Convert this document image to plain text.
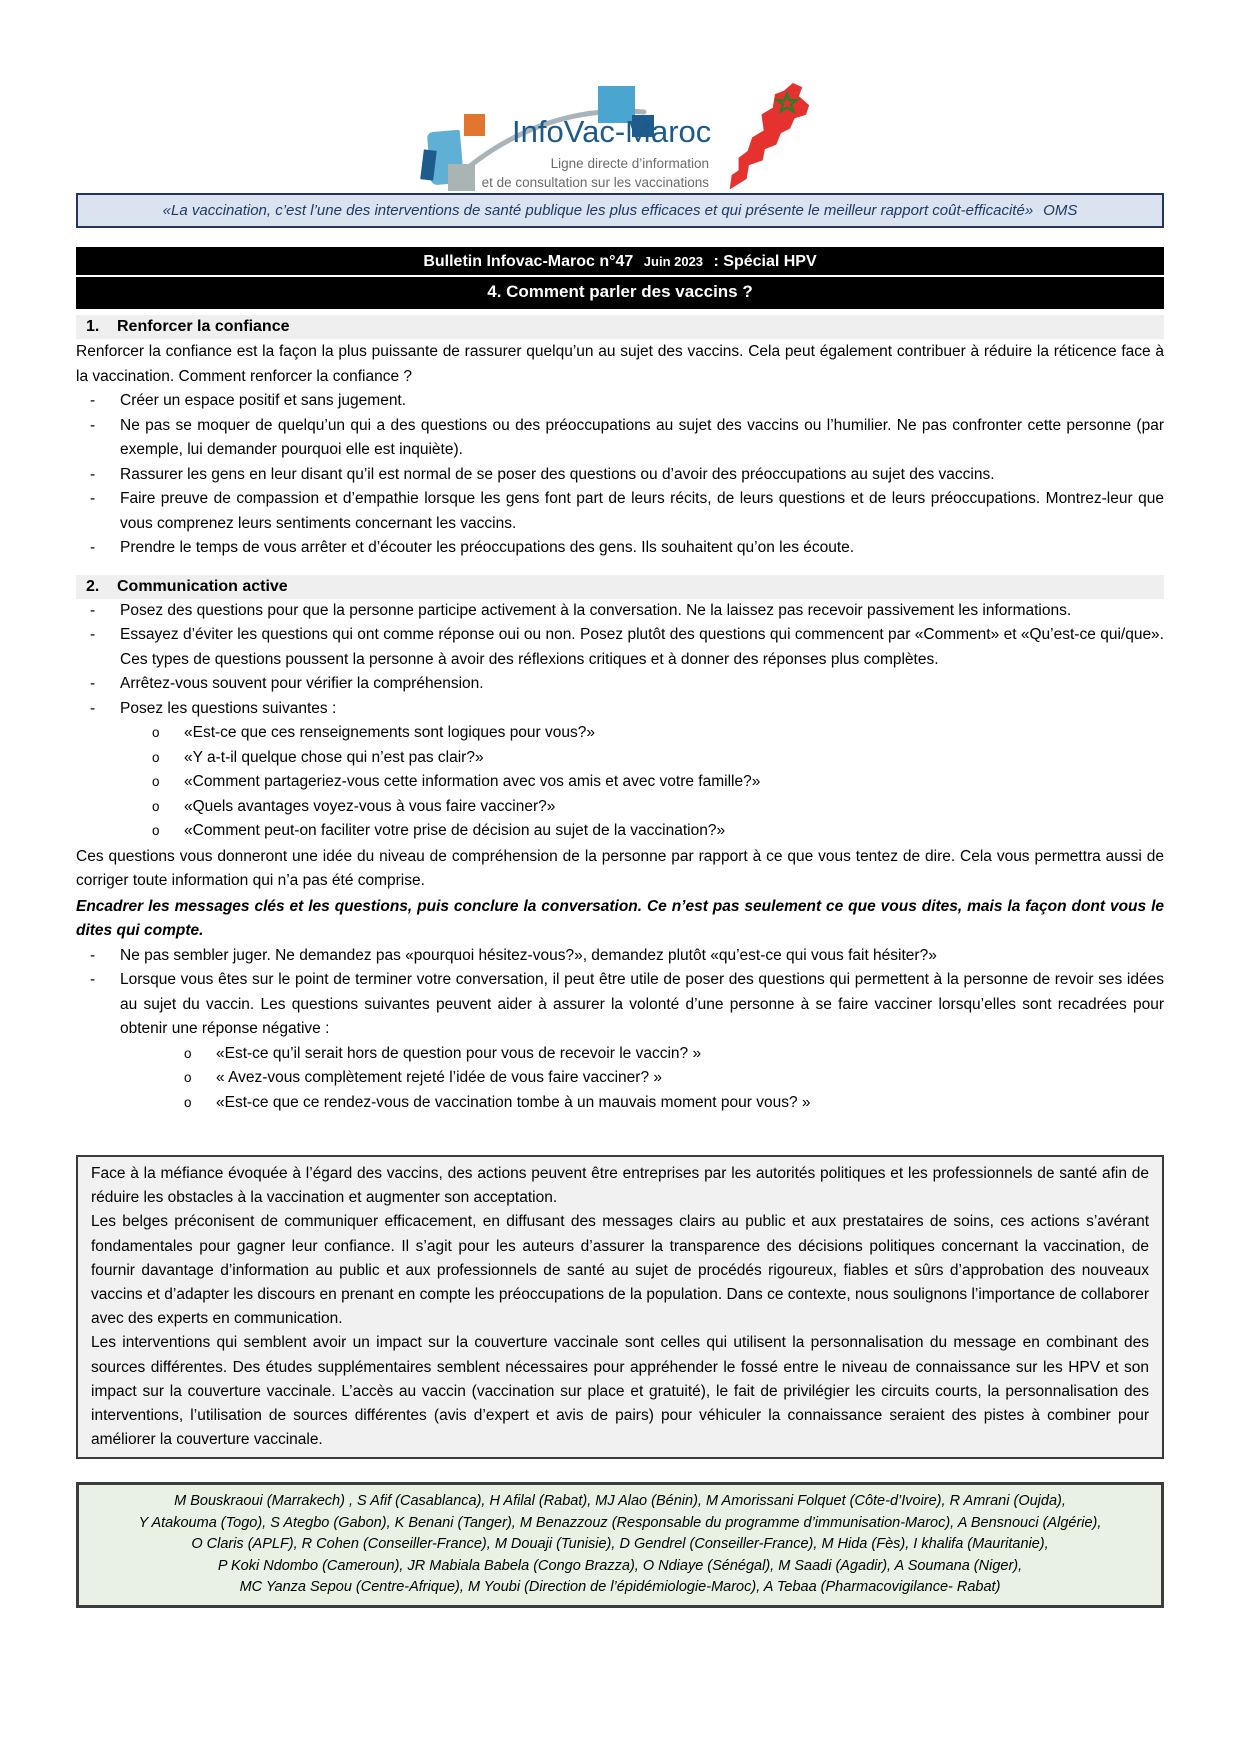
InfoVac-Maroc
Ligne directe d’information
et de consultation sur les vaccinations
«La vaccination, c’est l’une des interventions de santé publique les plus efficaces et qui présente le meilleur rapport coût-efficacité» OMS
Bulletin Infovac-Maroc n°47 Juin 2023 : Spécial HPV
4. Comment parler des vaccins ?
1. Renforcer la confiance

Renforcer la confiance est la façon la plus puissante de rassurer quelqu’un au sujet des vaccins. Cela peut également contribuer à réduire la réticence face à la vaccination. Comment renforcer la confiance ?

- Créer un espace positif et sans jugement.
- Ne pas se moquer de quelqu’un qui a des questions ou des préoccupations au sujet des vaccins ou l’humilier. Ne pas confronter cette personne (par exemple, lui demander pourquoi elle est inquiète).
- Rassurer les gens en leur disant qu’il est normal de se poser des questions ou d’avoir des préoccupations au sujet des vaccins.
- Faire preuve de compassion et d’empathie lorsque les gens font part de leurs récits, de leurs questions et de leurs préoccupations. Montrez-leur que vous comprenez leurs sentiments concernant les vaccins.
- Prendre le temps de vous arrêter et d’écouter les préoccupations des gens. Ils souhaitent qu’on les écoute.
2. Communication active
- Posez des questions pour que la personne participe activement à la conversation. Ne la laissez pas recevoir passivement les informations.
- Essayez d’éviter les questions qui ont comme réponse oui ou non. Posez plutôt des questions qui commencent par «Comment» et «Qu’est-ce qui/que». Ces types de questions poussent la personne à avoir des réflexions critiques et à donner des réponses plus complètes.
- Arrêtez-vous souvent pour vérifier la compréhension.
- Posez les questions suivantes :
o «Est-ce que ces renseignements sont logiques pour vous?»
o «Y a-t-il quelque chose qui n’est pas clair?»
o «Comment partageriez-vous cette information avec vos amis et avec votre famille?»
o «Quels avantages voyez-vous à vous faire vacciner?»
o «Comment peut-on faciliter votre prise de décision au sujet de la vaccination?»

Ces questions vous donneront une idée du niveau de compréhension de la personne par rapport à ce que vous tentez de dire. Cela vous permettra aussi de corriger toute information qui n’a pas été comprise.

Encadrer les messages clés et les questions, puis conclure la conversation. Ce n’est pas seulement ce que vous dites, mais la façon dont vous le dites qui compte.

- Ne pas sembler juger. Ne demandez pas «pourquoi hésitez-vous?», demandez plutôt «qu’est-ce qui vous fait hésiter?»
- Lorsque vous êtes sur le point de terminer votre conversation, il peut être utile de poser des questions qui permettent à la personne de revoir ses idées au sujet du vaccin. Les questions suivantes peuvent aider à assurer la volonté d’une personne à se faire vacciner lorsqu’elles sont recadrées pour obtenir une réponse négative :
o «Est-ce qu’il serait hors de question pour vous de recevoir le vaccin? »
o « Avez-vous complètement rejeté l’idée de vous faire vacciner? »
o «Est-ce que ce rendez-vous de vaccination tombe à un mauvais moment pour vous? »

Face à la méfiance évoquée à l’égard des vaccins, des actions peuvent être entreprises par les autorités politiques et les professionnels de santé afin de réduire les obstacles à la vaccination et augmenter son acceptation.

Les belges préconisent de communiquer efficacement, en diffusant des messages clairs au public et aux prestataires de soins, ces actions s’avérant fondamentales pour gagner leur confiance. Il s’agit pour les auteurs d’assurer la transparence des décisions politiques concernant la vaccination, de fournir davantage d’information au public et aux professionnels de santé au sujet de procédés rigoureux, fiables et sûrs d’approbation des nouveaux vaccins et d’adapter les discours en prenant en compte les préoccupations de la population. Dans ce contexte, nous soulignons l’importance de collaborer avec des experts en communication.

Les interventions qui semblent avoir un impact sur la couverture vaccinale sont celles qui utilisent la personnalisation du message en combinant des sources différentes. Des études supplémentaires semblent nécessaires pour appréhender le fossé entre le niveau de connaissance sur les HPV et son impact sur la couverture vaccinale. L’accès au vaccin (vaccination sur place et gratuité), le fait de privilégier les circuits courts, la personnalisation des interventions, l’utilisation de sources différentes (avis d’expert et avis de pairs) pour véhiculer la connaissance seraient des pistes à combiner pour améliorer la couverture vaccinale.

M Bouskraoui (Marrakech) , S Afif (Casablanca), H Afilal (Rabat), MJ Alao (Bénin), M Amorissani Folquet (Côte-d’Ivoire), R Amrani (Oujda),
Y Atakouma (Togo), S Ategbo (Gabon), K Benani (Tanger), M Benazzouz (Responsable du programme d’immunisation-Maroc), A Bensnouci (Algérie),
O Claris (APLF), R Cohen (Conseiller-France), M Douaji (Tunisie), D Gendrel (Conseiller-France), M Hida (Fès), I khalifa (Mauritanie),
P Koki Ndombo (Cameroun), JR Mabiala Babela (Congo Brazza), O Ndiaye (Sénégal), M Saadi (Agadir), A Soumana (Niger),
MC Yanza Sepou (Centre-Afrique), M Youbi (Direction de l’épidémiologie-Maroc), A Tebaa (Pharmacovigilance- Rabat)
